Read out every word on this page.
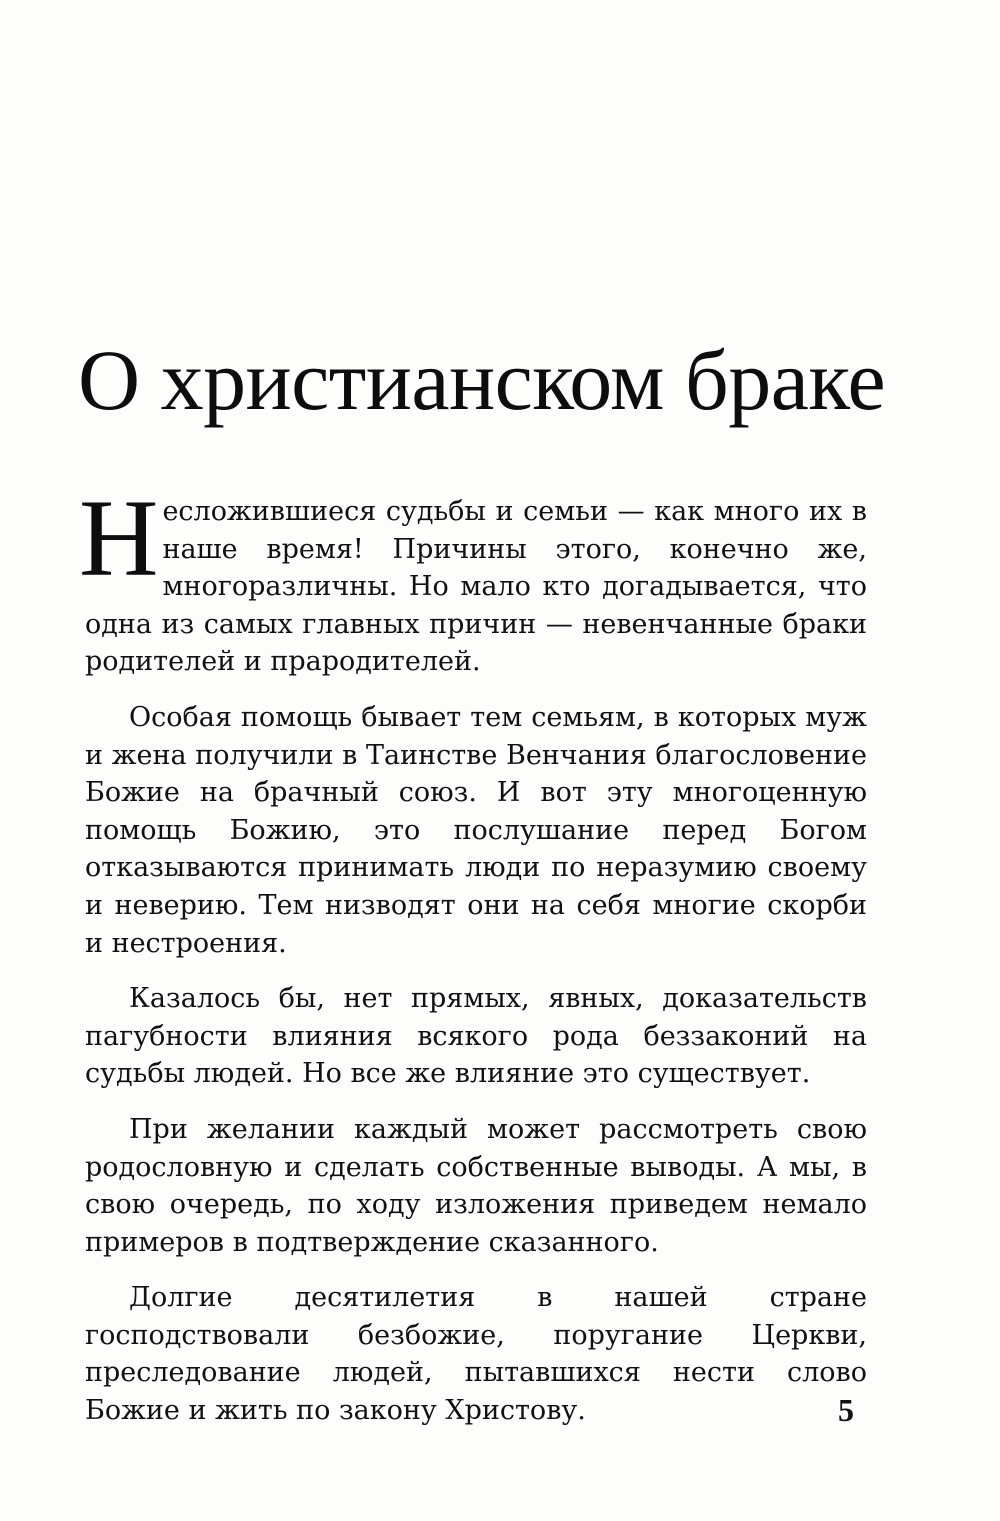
О христианском браке

Несложившиеся судьбы и семьи — как много их в наше время! Причины этого, конечно же, многоразличны. Но мало кто догадывается, что одна из самых главных причин — невенчанные браки родителей и прародителей.

Особая помощь бывает тем семьям, в которых муж и жена получили в Таинстве Венчания благословение Божие на брачный союз. И вот эту многоценную помощь Божию, это послушание перед Богом отказываются принимать люди по неразумию своему и неверию. Тем низводят они на себя многие скорби и нестроения.

Казалось бы, нет прямых, явных, доказательств пагубности влияния всякого рода беззаконий на судьбы людей. Но все же влияние это существует.

При желании каждый может рассмотреть свою родословную и сделать собственные выводы. А мы, в свою очередь, по ходу изложения приведем немало примеров в подтверждение сказанного.

Долгие десятилетия в нашей стране господствовали безбожие, поругание Церкви, преследование людей, пытавшихся нести слово Божие и жить по закону Христову.	5
